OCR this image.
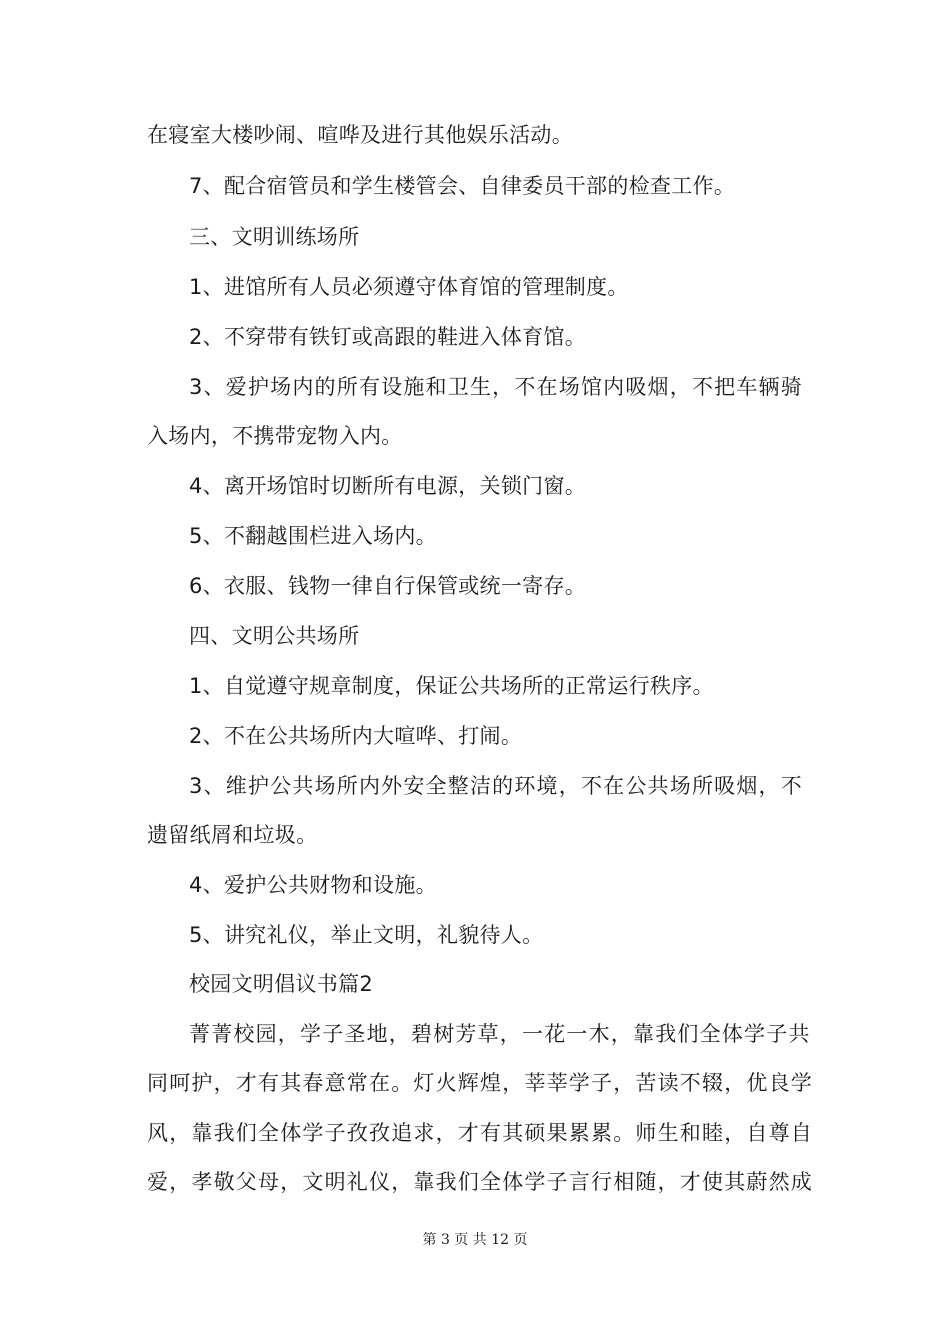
在寝室大楼吵闹、喧哗及进行其他娱乐活动。
7、配合宿管员和学生楼管会、自律委员干部的检查工作。
三、文明训练场所
1、进馆所有人员必须遵守体育馆的管理制度。
2、不穿带有铁钉或高跟的鞋进入体育馆。
3、爱护场内的所有设施和卫生，不在场馆内吸烟，不把车辆骑
入场内，不携带宠物入内。
4、离开场馆时切断所有电源，关锁门窗。
5、不翻越围栏进入场内。
6、衣服、钱物一律自行保管或统一寄存。
四、文明公共场所
1、自觉遵守规章制度，保证公共场所的正常运行秩序。
2、不在公共场所内大喧哗、打闹。
3、维护公共场所内外安全整洁的环境，不在公共场所吸烟，不
遗留纸屑和垃圾。
4、爱护公共财物和设施。
5、讲究礼仪，举止文明，礼貌待人。
校园文明倡议书篇2
菁菁校园，学子圣地，碧树芳草，一花一木，靠我们全体学子共
同呵护，才有其春意常在。灯火辉煌，莘莘学子，苦读不辍，优良学
风，靠我们全体学子孜孜追求，才有其硕果累累。师生和睦，自尊自
爱，孝敬父母，文明礼仪，靠我们全体学子言行相随，才使其蔚然成
第 3 页 共 12 页
